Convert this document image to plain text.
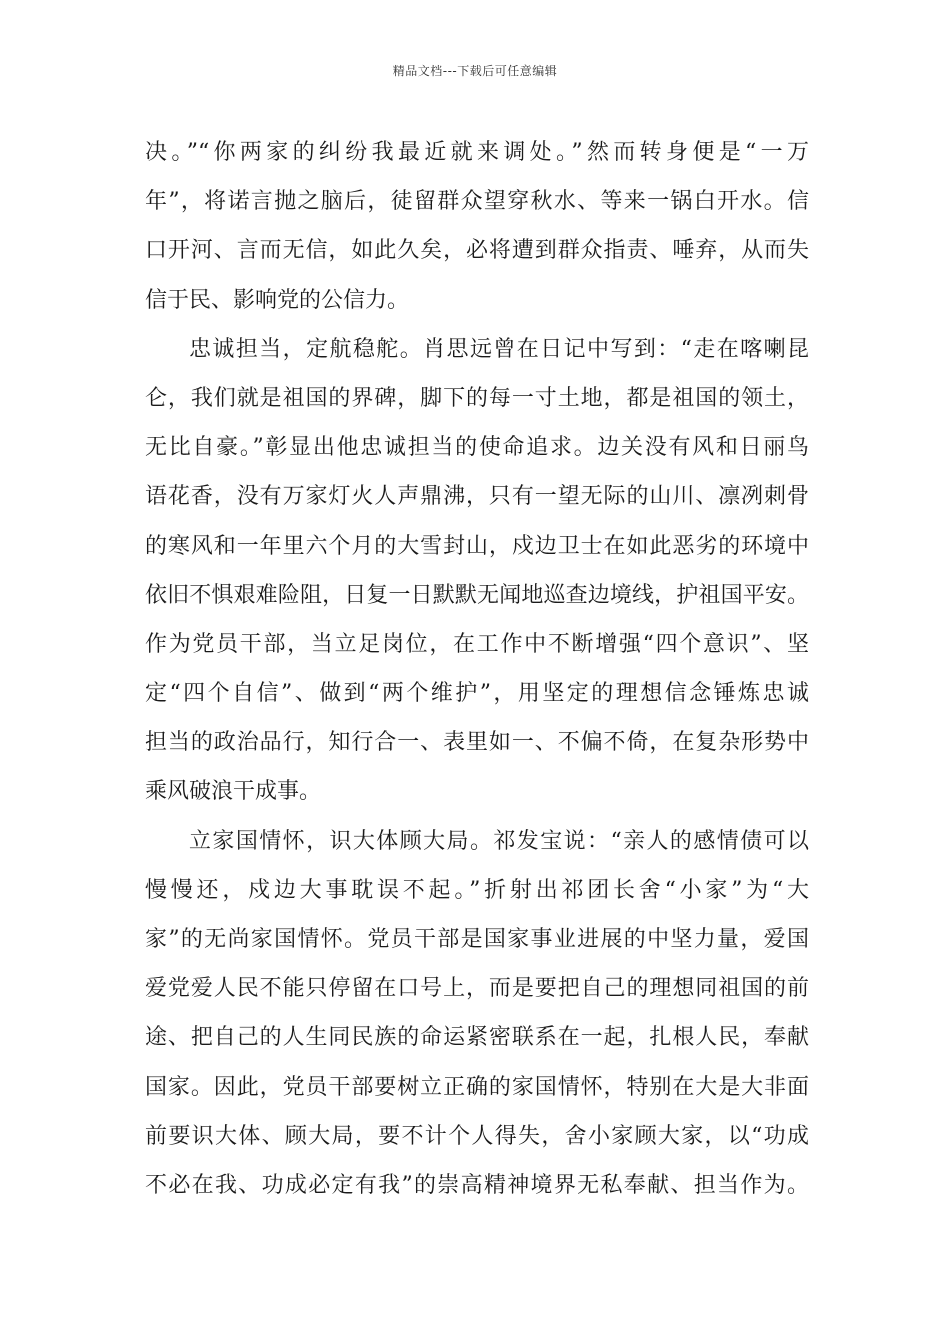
精品文档---下载后可任意编辑
决。”“你两家的纠纷我最近就来调处。”然而转身便是“一万
年”，将诺言抛之脑后，徒留群众望穿秋水、等来一锅白开水。信
口开河、言而无信，如此久矣，必将遭到群众指责、唾弃，从而失
信于民、影响党的公信力。
忠诚担当，定航稳舵。肖思远曾在日记中写到：“走在喀喇昆
仑，我们就是祖国的界碑，脚下的每一寸土地，都是祖国的领土，
无比自豪。”彰显出他忠诚担当的使命追求。边关没有风和日丽鸟
语花香，没有万家灯火人声鼎沸，只有一望无际的山川、凛冽刺骨
的寒风和一年里六个月的大雪封山，戍边卫士在如此恶劣的环境中
依旧不惧艰难险阻，日复一日默默无闻地巡查边境线，护祖国平安。
作为党员干部，当立足岗位，在工作中不断增强“四个意识”、坚
定“四个自信”、做到“两个维护”，用坚定的理想信念锤炼忠诚
担当的政治品行，知行合一、表里如一、不偏不倚，在复杂形势中
乘风破浪干成事。
立家国情怀，识大体顾大局。祁发宝说：“亲人的感情债可以
慢慢还，戍边大事耽误不起。”折射出祁团长舍“小家”为“大
家”的无尚家国情怀。党员干部是国家事业进展的中坚力量，爱国
爱党爱人民不能只停留在口号上，而是要把自己的理想同祖国的前
途、把自己的人生同民族的命运紧密联系在一起，扎根人民，奉献
国家。因此，党员干部要树立正确的家国情怀，特别在大是大非面
前要识大体、顾大局，要不计个人得失，舍小家顾大家，以“功成
不必在我、功成必定有我”的崇高精神境界无私奉献、担当作为。
